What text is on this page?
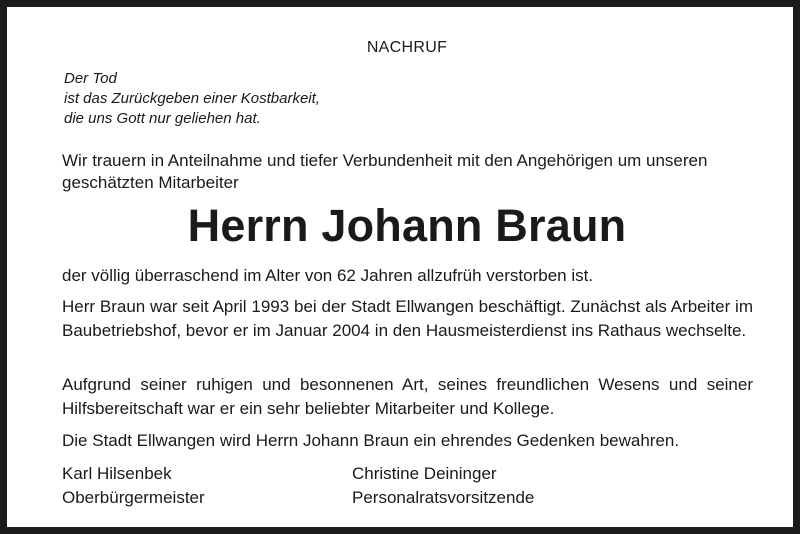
NACHRUF
Der Tod
ist das Zurückgeben einer Kostbarkeit,
die uns Gott nur geliehen hat.
Wir trauern in Anteilnahme und tiefer Verbundenheit mit den Angehörigen um unseren geschätzten Mitarbeiter
Herrn Johann Braun
der völlig überraschend im Alter von 62 Jahren allzufrüh verstorben ist.
Herr Braun war seit April 1993 bei der Stadt Ellwangen beschäftigt. Zunächst als Arbeiter im Baubetriebshof, bevor er im Januar 2004 in den Hausmeisterdienst ins Rathaus wechselte.
Aufgrund seiner ruhigen und besonnenen Art, seines freundlichen Wesens und seiner Hilfsbereitschaft war er ein sehr beliebter Mitarbeiter und Kollege.
Die Stadt Ellwangen wird Herrn Johann Braun ein ehrendes Gedenken bewahren.
Karl Hilsenbek
Oberbürgermeister
Christine Deininger
Personalratsvorsitzende
